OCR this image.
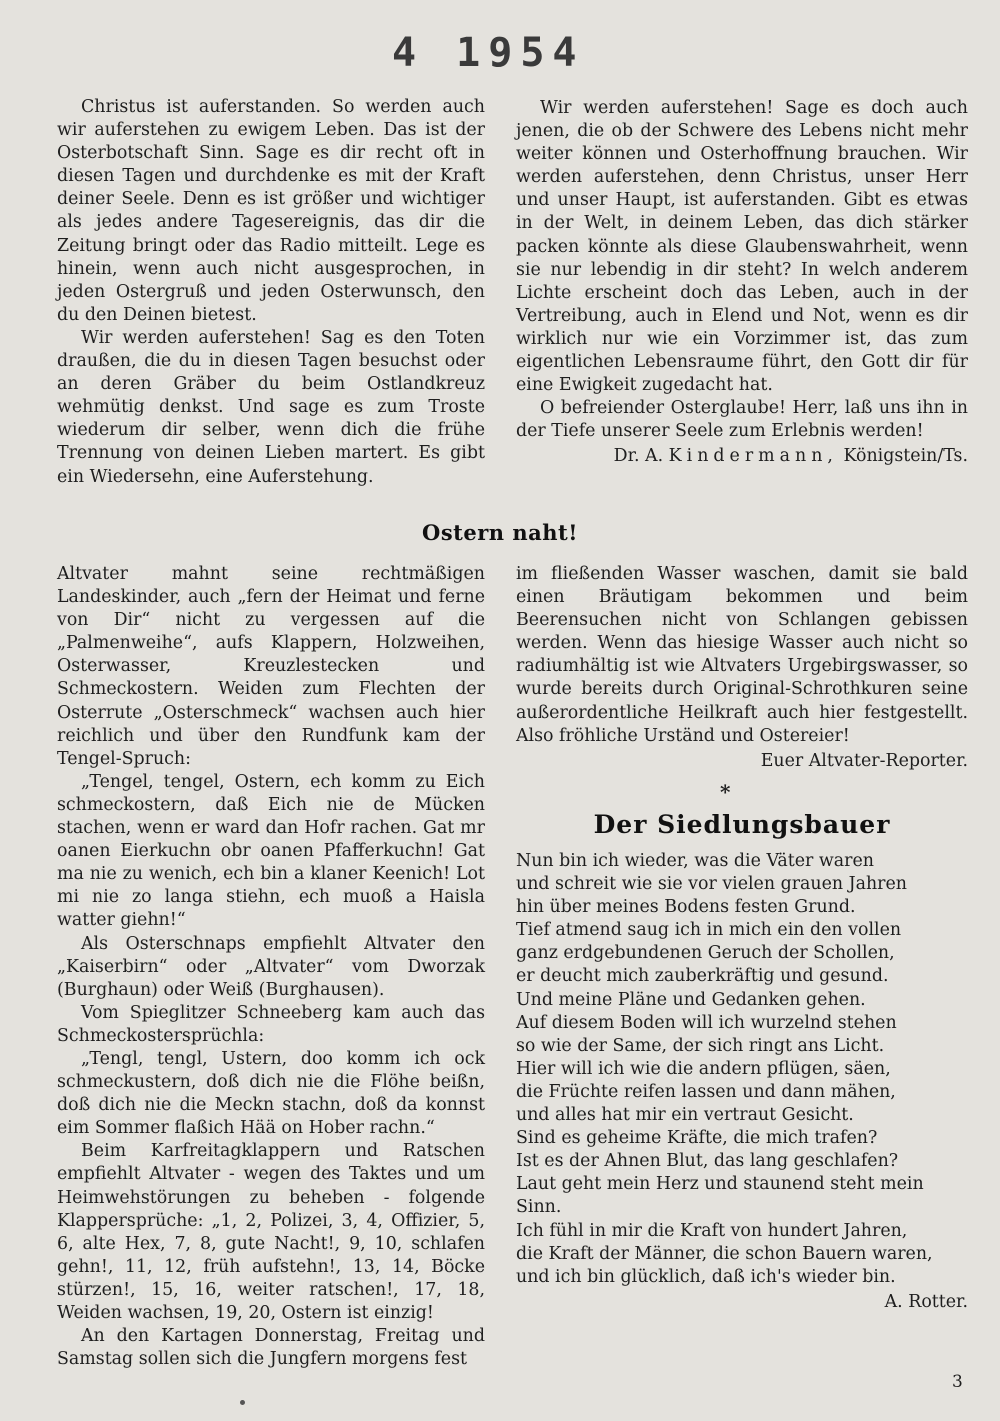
4 1954

Christus ist auferstanden. So werden auch wir auferstehen zu ewigem Leben. Das ist der Osterbotschaft Sinn. Sage es dir recht oft in diesen Tagen und durchdenke es mit der Kraft deiner Seele. Denn es ist größer und wichtiger als jedes andere Tagesereignis, das dir die Zeitung bringt oder das Radio mitteilt. Lege es hinein, wenn auch nicht ausgesprochen, in jeden Ostergruß und jeden Osterwunsch, den du den Deinen bietest.

Wir werden auferstehen! Sag es den Toten draußen, die du in diesen Tagen besuchst oder an deren Gräber du beim Ostlandkreuz wehmütig denkst. Und sage es zum Troste wiederum dir selber, wenn dich die frühe Trennung von deinen Lieben martert. Es gibt ein Wiedersehn, eine Auferstehung.

Wir werden auferstehen! Sage es doch auch jenen, die ob der Schwere des Lebens nicht mehr weiter können und Osterhoffnung brauchen. Wir werden auferstehen, denn Christus, unser Herr und unser Haupt, ist auferstanden. Gibt es etwas in der Welt, in deinem Leben, das dich stärker packen könnte als diese Glaubenswahrheit, wenn sie nur lebendig in dir steht? In welch anderem Lichte erscheint doch das Leben, auch in der Vertreibung, auch in Elend und Not, wenn es dir wirklich nur wie ein Vorzimmer ist, das zum eigentlichen Lebensraume führt, den Gott dir für eine Ewigkeit zugedacht hat.

O befreiender Osterglaube! Herr, laß uns ihn in der Tiefe unserer Seele zum Erlebnis werden!

Dr. A. Kindermann, Königstein/Ts.

Ostern naht!

Altvater mahnt seine rechtmäßigen Landeskinder, auch „fern der Heimat und ferne von Dir“ nicht zu vergessen auf die „Palmenweihe“, aufs Klappern, Holzweihen, Osterwasser, Kreuzlestecken und Schmeckostern. Weiden zum Flechten der Osterrute „Osterschmeck“ wachsen auch hier reichlich und über den Rundfunk kam der Tengel-Spruch:

„Tengel, tengel, Ostern, ech komm zu Eich schmeckostern, daß Eich nie de Mücken stachen, wenn er ward dan Hofr rachen. Gat mr oanen Eierkuchn obr oanen Pfafferkuchn! Gat ma nie zu wenich, ech bin a klaner Keenich! Lot mi nie zo langa stiehn, ech muoß a Haisla watter giehn!“

Als Osterschnaps empfiehlt Altvater den „Kaiserbirn“ oder „Altvater“ vom Dworzak (Burghaun) oder Weiß (Burghausen).

Vom Spieglitzer Schneeberg kam auch das Schmeckostersprüchla:

„Tengl, tengl, Ustern, doo komm ich ock schmeckustern, doß dich nie die Flöhe beißn, doß dich nie die Meckn stachn, doß da konnst eim Sommer flaßich Hää on Hober rachn.“

Beim Karfreitagklappern und Ratschen empfiehlt Altvater - wegen des Taktes und um Heimwehstörungen zu beheben - folgende Klappersprüche: „1, 2, Polizei, 3, 4, Offizier, 5, 6, alte Hex, 7, 8, gute Nacht!, 9, 10, schlafen gehn!, 11, 12, früh aufstehn!, 13, 14, Böcke stürzen!, 15, 16, weiter ratschen!, 17, 18, Weiden wachsen, 19, 20, Ostern ist einzig!

An den Kartagen Donnerstag, Freitag und Samstag sollen sich die Jungfern morgens fest

im fließenden Wasser waschen, damit sie bald einen Bräutigam bekommen und beim Beerensuchen nicht von Schlangen gebissen werden. Wenn das hiesige Wasser auch nicht so radiumhältig ist wie Altvaters Urgebirgswasser, so wurde bereits durch Original-Schrothkuren seine außerordentliche Heilkraft auch hier festgestellt. Also fröhliche Urständ und Ostereier!

Euer Altvater-Reporter.

*
Der Siedlungsbauer
Nun bin ich wieder, was die Väter waren
und schreit wie sie vor vielen grauen Jahren
hin über meines Bodens festen Grund.
Tief atmend saug ich in mich ein den vollen
ganz erdgebundenen Geruch der Schollen,
er deucht mich zauberkräftig und gesund.
Und meine Pläne und Gedanken gehen.
Auf diesem Boden will ich wurzelnd stehen
so wie der Same, der sich ringt ans Licht.
Hier will ich wie die andern pflügen, säen,
die Früchte reifen lassen und dann mähen,
und alles hat mir ein vertraut Gesicht.
Sind es geheime Kräfte, die mich trafen?
Ist es der Ahnen Blut, das lang geschlafen?
Laut geht mein Herz und staunend steht mein
Sinn.
Ich fühl in mir die Kraft von hundert Jahren,
die Kraft der Männer, die schon Bauern waren,
und ich bin glücklich, daß ich's wieder bin.
A. Rotter.
3
